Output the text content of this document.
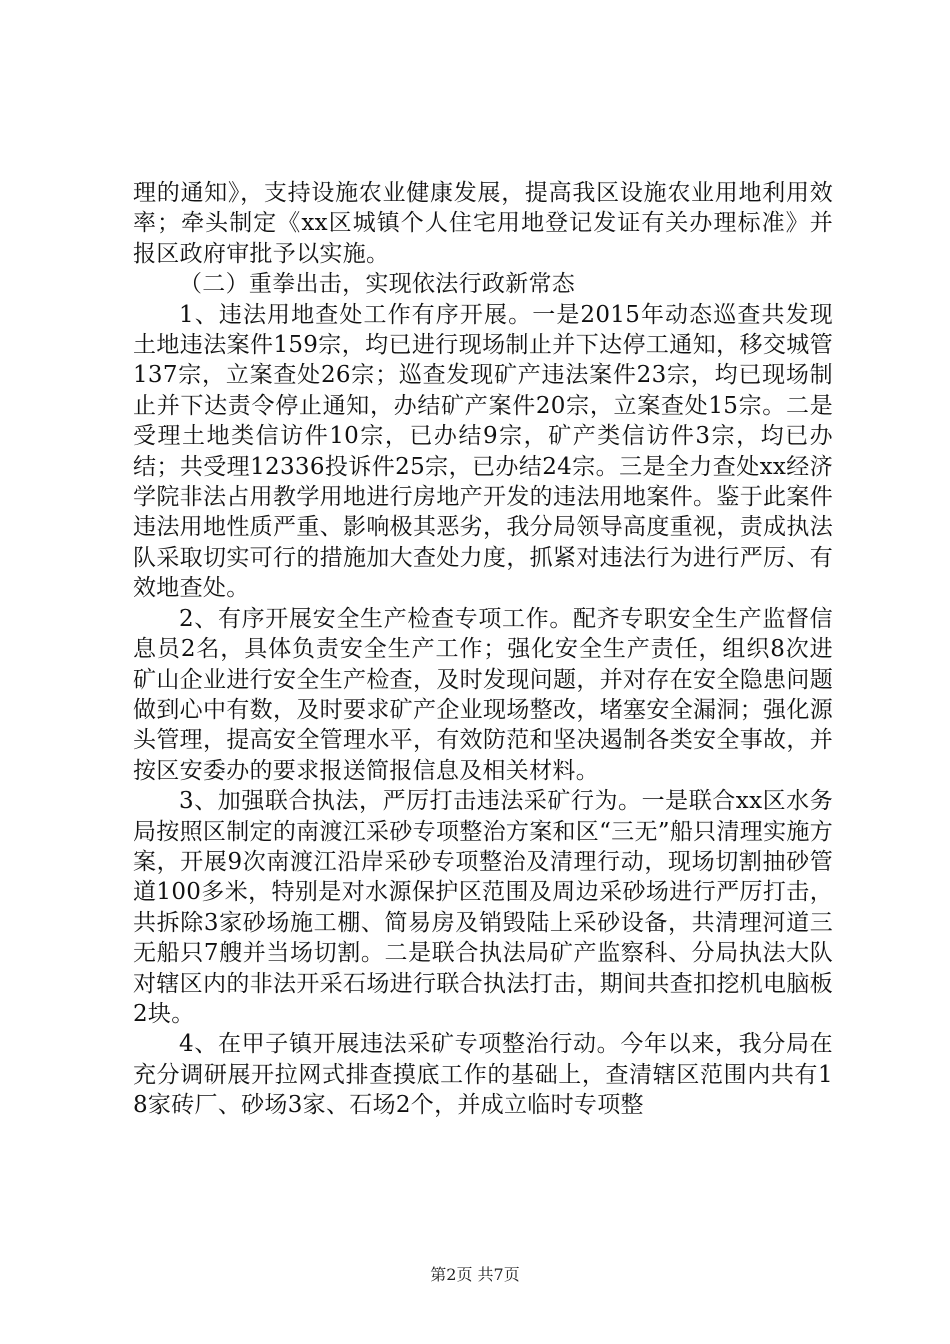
理的通知》，支持设施农业健康发展，提高我区设施农业用地利用效率；牵头制定《xx区城镇个人住宅用地登记发证有关办理标准》并报区政府审批予以实施。

（二）重拳出击，实现依法行政新常态

1、违法用地查处工作有序开展。一是2015年动态巡查共发现土地违法案件159宗，均已进行现场制止并下达停工通知，移交城管137宗，立案查处26宗；巡查发现矿产违法案件23宗，均已现场制止并下达责令停止通知，办结矿产案件20宗，立案查处15宗。二是受理土地类信访件10宗，已办结9宗，矿产类信访件3宗，均已办结；共受理12336投诉件25宗，已办结24宗。三是全力查处xx经济学院非法占用教学用地进行房地产开发的违法用地案件。鉴于此案件违法用地性质严重、影响极其恶劣，我分局领导高度重视，责成执法队采取切实可行的措施加大查处力度，抓紧对违法行为进行严厉、有效地查处。

2、有序开展安全生产检查专项工作。配齐专职安全生产监督信息员2名，具体负责安全生产工作；强化安全生产责任，组织8次进矿山企业进行安全生产检查，及时发现问题，并对存在安全隐患问题做到心中有数，及时要求矿产企业现场整改，堵塞安全漏洞；强化源头管理，提高安全管理水平，有效防范和坚决遏制各类安全事故，并按区安委办的要求报送简报信息及相关材料。

3、加强联合执法，严厉打击违法采矿行为。一是联合xx区水务局按照区制定的南渡江采砂专项整治方案和区“三无”船只清理实施方案，开展9次南渡江沿岸采砂专项整治及清理行动，现场切割抽砂管道100多米，特别是对水源保护区范围及周边采砂场进行严厉打击，共拆除3家砂场施工棚、简易房及销毁陆上采砂设备，共清理河道三无船只7艘并当场切割。二是联合执法局矿产监察科、分局执法大队对辖区内的非法开采石场进行联合执法打击，期间共查扣挖机电脑板2块。

4、在甲子镇开展违法采矿专项整治行动。今年以来，我分局在充分调研展开拉网式排查摸底工作的基础上，查清辖区范围内共有18家砖厂、砂场3家、石场2个，并成立临时专项整

第2页 共7页
